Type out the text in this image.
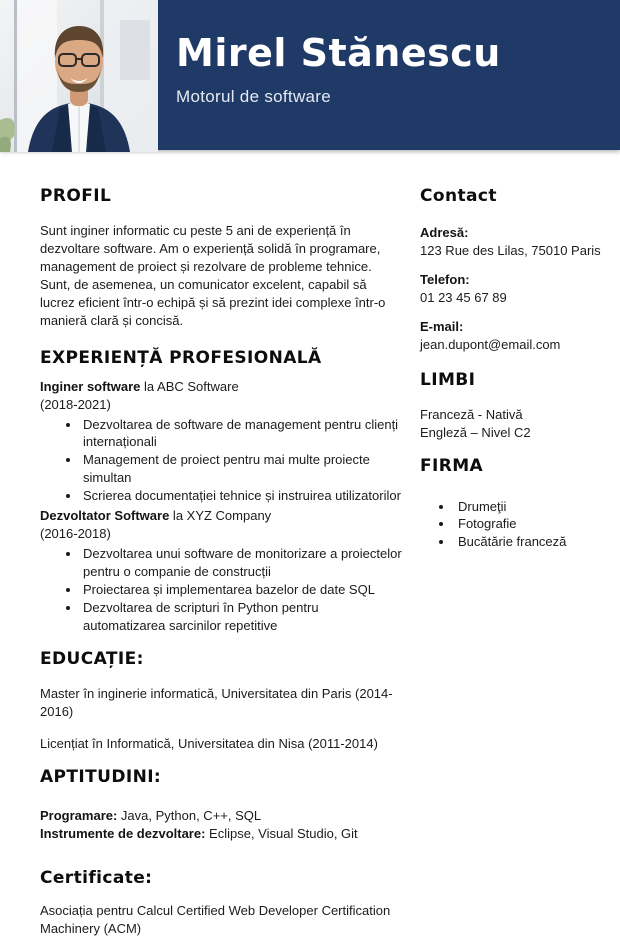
Mirel Stănescu
Motorul de software
PROFIL

Sunt inginer informatic cu peste 5 ani de experiență în dezvoltare software. Am o experiență solidă în programare, management de proiect și rezolvare de probleme tehnice. Sunt, de asemenea, un comunicator excelent, capabil să lucrez eficient într-o echipă și să prezint idei complexe într-o manieră clară și concisă.

EXPERIENȚĂ PROFESIONALĂ
Inginer software la ABC Software
(2018-2021)
• Dezvoltarea de software de management pentru clienți internaționali
• Management de proiect pentru mai multe proiecte simultan
• Scrierea documentației tehnice și instruirea utilizatorilor
Dezvoltator Software la XYZ Company
(2016-2018)
• Dezvoltarea unui software de monitorizare a proiectelor pentru o companie de construcții
• Proiectarea și implementarea bazelor de date SQL
• Dezvoltarea de scripturi în Python pentru automatizarea sarcinilor repetitive
EDUCAȚIE:

Master în inginerie informatică, Universitatea din Paris (2014-2016)

Licențiat în Informatică, Universitatea din Nisa (2011-2014)

APTITUDINI:
Programare: Java, Python, C++, SQL
Instrumente de dezvoltare: Eclipse, Visual Studio, Git
Certificate:

Asociația pentru Calcul Certified Web Developer Certification Machinery (ACM)

Contact
Adresă:
123 Rue des Lilas, 75010 Paris
Telefon:
01 23 45 67 89
E-mail:
jean.dupont@email.com
LIMBI
Franceză - Nativă
Engleză – Nivel C2
FIRMA
• Drumeţii
• Fotografie
• Bucătărie franceză
